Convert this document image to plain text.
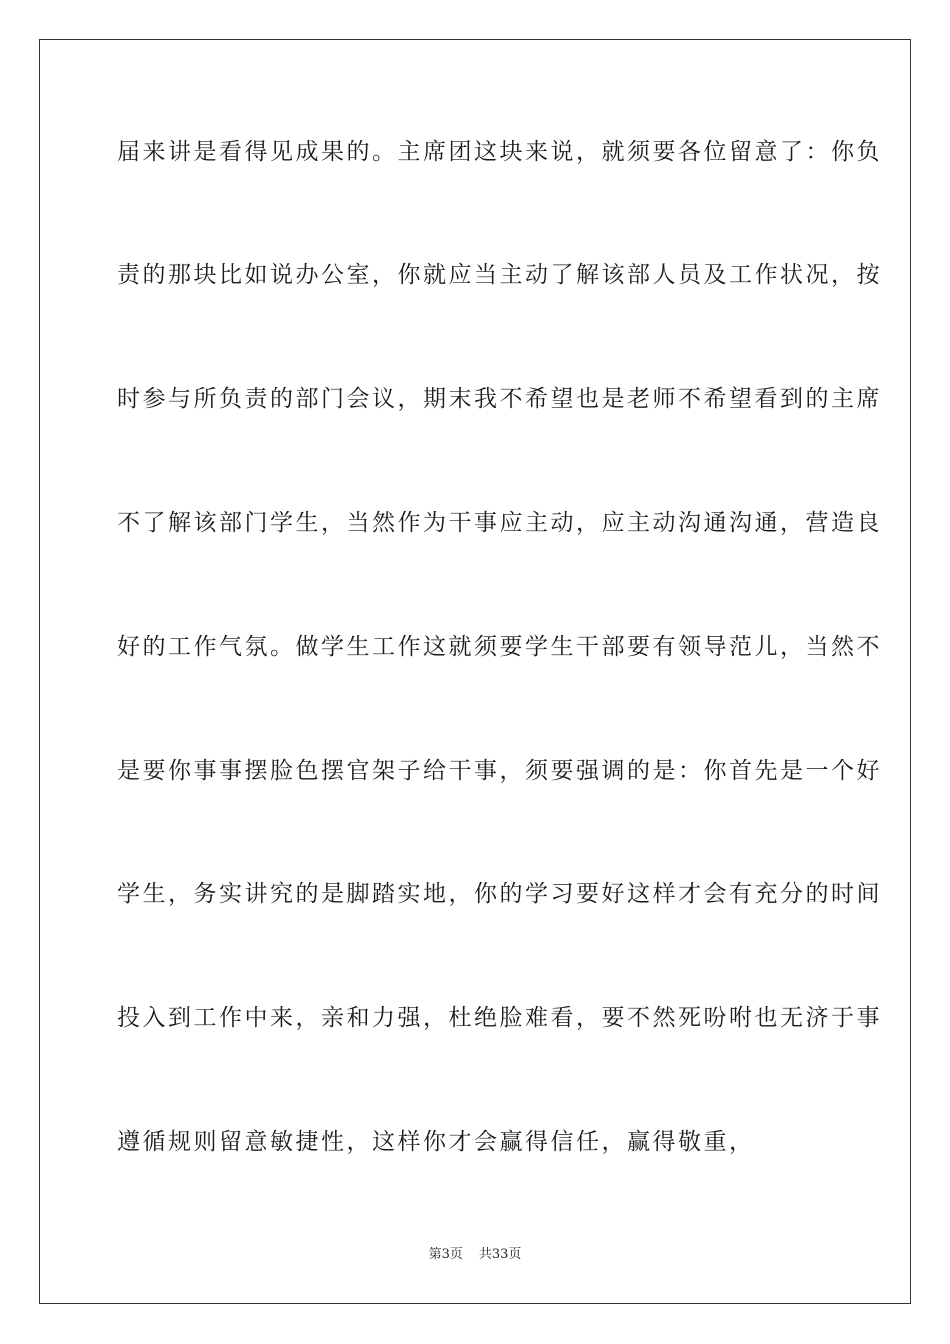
届来讲是看得见成果的。主席团这块来说，就须要各位留意了：你负
责的那块比如说办公室，你就应当主动了解该部人员及工作状况，按
时参与所负责的部门会议，期末我不希望也是老师不希望看到的主席
不了解该部门学生，当然作为干事应主动，应主动沟通沟通，营造良
好的工作气氛。做学生工作这就须要学生干部要有领导范儿，当然不
是要你事事摆脸色摆官架子给干事，须要强调的是：你首先是一个好
学生，务实讲究的是脚踏实地，你的学习要好这样才会有充分的时间
投入到工作中来，亲和力强，杜绝脸难看，要不然死吩咐也无济于事
遵循规则留意敏捷性，这样你才会赢得信任，赢得敬重，
第3页 共33页
